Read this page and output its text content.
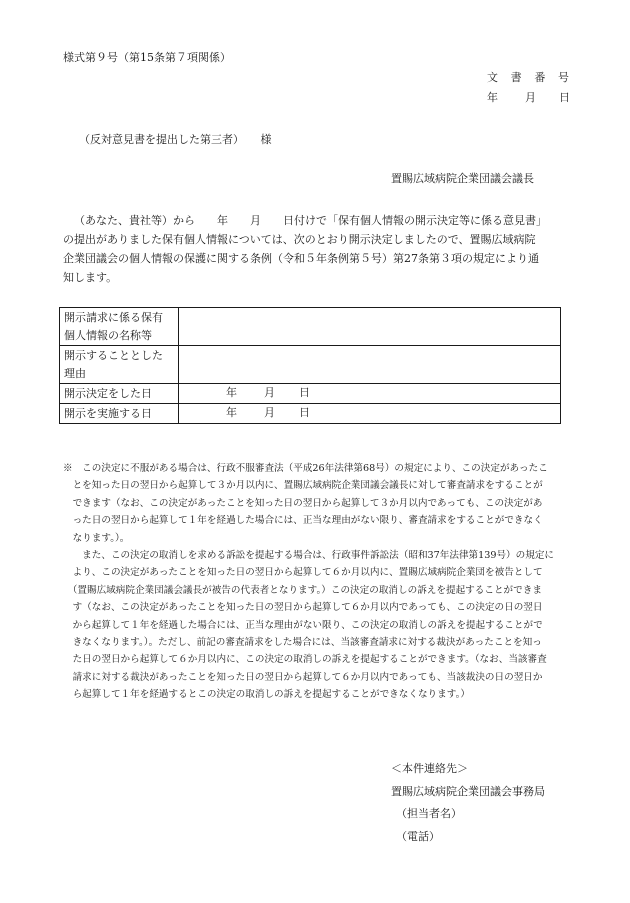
様式第９号（第15条第７項関係）
文　書　番　号
年 月 日
（反対意見書を提出した第三者）　　様
置賜広域病院企業団議会議長
（あなた、貴社等）から　　年　　月　　日付けで「保有個人情報の開示決定等に係る意見書」
の提出がありました保有個人情報については、次のとおり開示決定しましたので、置賜広域病院
企業団議会の個人情報の保護に関する条例（令和５年条例第５号）第27条第３項の規定により通
知します。
開示請求に係る保有
個人情報の名称等	

開示することとした
理由	

開示決定をした日	年 月 日

開示を実施する日	年 月 日
※　この決定に不服がある場合は、行政不服審査法（平成26年法律第68号）の規定により、この決定があったこ
　とを知った日の翌日から起算して３か月以内に、置賜広域病院企業団議会議長に対して審査請求をすることが
　できます（なお、この決定があったことを知った日の翌日から起算して３か月以内であっても、この決定があ
　った日の翌日から起算して１年を経過した場合には、正当な理由がない限り、審査請求をすることができなく
　なります。）。
　　また、この決定の取消しを求める訴訟を提起する場合は、行政事件訴訟法（昭和37年法律第139号）の規定に
　より、この決定があったことを知った日の翌日から起算して６か月以内に、置賜広域病院企業団を被告として
　（置賜広域病院企業団議会議長が被告の代表者となります。）この決定の取消しの訴えを提起することができま
　す（なお、この決定があったことを知った日の翌日から起算して６か月以内であっても、この決定の日の翌日
　から起算して１年を経過した場合には、正当な理由がない限り、この決定の取消しの訴えを提起することがで
　きなくなります。）。ただし、前記の審査請求をした場合には、当該審査請求に対する裁決があったことを知っ
　た日の翌日から起算して６か月以内に、この決定の取消しの訴えを提起することができます。（なお、当該審査
　請求に対する裁決があったことを知った日の翌日から起算して６か月以内であっても、当該裁決の日の翌日か
　ら起算して１年を経過するとこの決定の取消しの訴えを提起することができなくなります。）
＜本件連絡先＞
置賜広域病院企業団議会事務局
（担当者名）
（電話）
